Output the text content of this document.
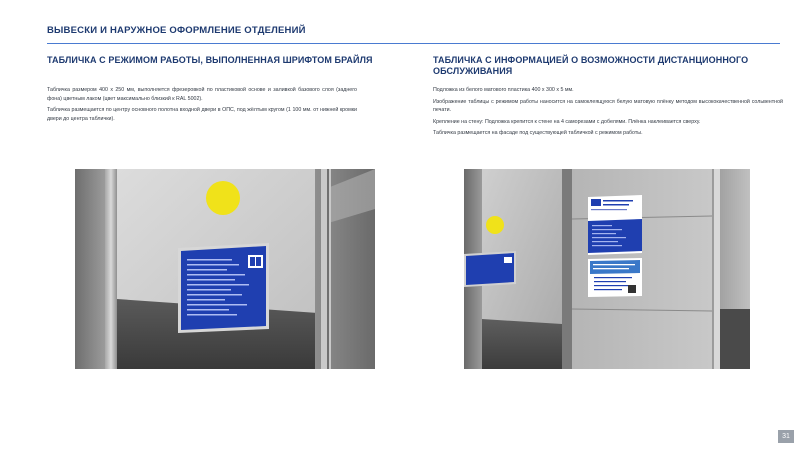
ВЫВЕСКИ И НАРУЖНОЕ ОФОРМЛЕНИЕ ОТДЕЛЕНИЙ
ТАБЛИЧКА С РЕЖИМОМ РАБОТЫ, ВЫПОЛНЕННАЯ ШРИФТОМ БРАЙЛЯ

Табличка размером 400 х 250 мм, выполняется фрезеровкой по пластиковой основе и заливкой базового слоя (заднего фона) цветным лаком (цвет максимально близкий к RAL 5002).

Табличка размещается по центру основного полотна входной двери в ОПС, под жёлтым кругом (1 100 мм. от нижней кромки двери до центра таблички).

ТАБЛИЧКА С ИНФОРМАЦИЕЙ О ВОЗМОЖНОСТИ ДИСТАНЦИОННОГО ОБСЛУЖИВАНИЯ

Подложка из белого матового пластика 400 х 300 х 5 мм.

Изображение таблицы с режимом работы наносится на самоклеящуюся белую матовую плёнку методом высококачественной сольвентной печати.

Крепление на стену: Подложка крепится к стене на 4 саморезами с добелями. Плёнка наклеивается сверху.

Табличка размещается на фасаде под существующей табличкой с режимом работы.

31
